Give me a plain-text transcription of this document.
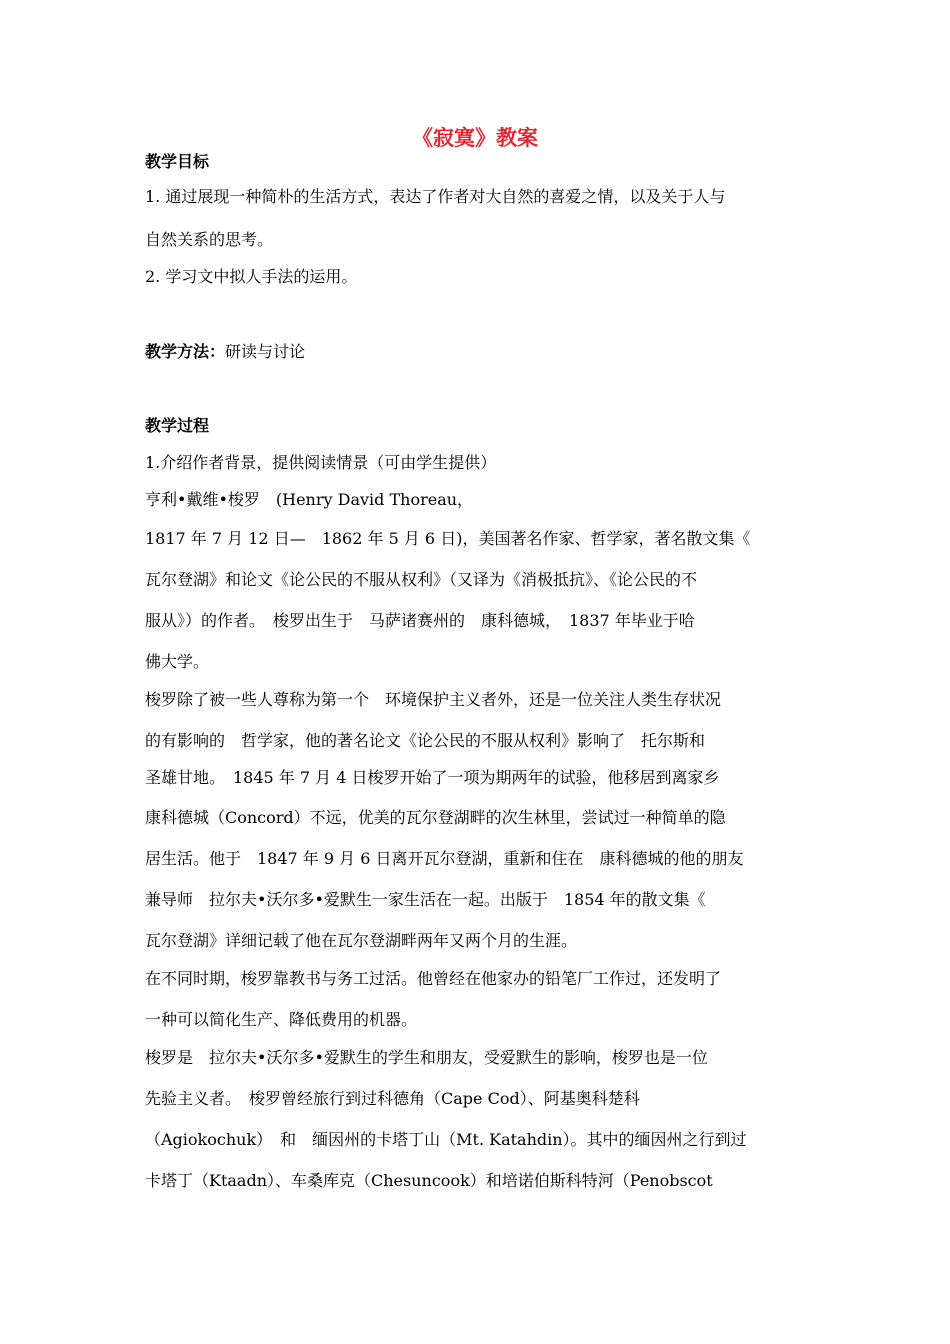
《寂寞》教案
教学目标
1. 通过展现一种简朴的生活方式，表达了作者对大自然的喜爱之情，以及关于人与
自然关系的思考。
2. 学习文中拟人手法的运用。
教学方法：研读与讨论
教学过程
1.介绍作者背景，提供阅读情景（可由学生提供）
亨利•戴维•梭罗　(Henry David Thoreau，
1817 年 7 月 12 日—　1862 年 5 月 6 日)，美国著名作家、哲学家，著名散文集《
瓦尔登湖》和论文《论公民的不服从权利》（又译为《消极抵抗》、《论公民的不
服从》）的作者。　梭罗出生于　马萨诸赛州的　康科德城，　1837 年毕业于哈
佛大学。
梭罗除了被一些人尊称为第一个　环境保护主义者外，还是一位关注人类生存状况
的有影响的　哲学家，他的著名论文《论公民的不服从权利》影响了　托尔斯和
圣雄甘地。　1845 年 7 月 4 日梭罗开始了一项为期两年的试验，他移居到离家乡
康科德城（Concord）不远，优美的瓦尔登湖畔的次生林里，尝试过一种简单的隐
居生活。他于　1847 年 9 月 6 日离开瓦尔登湖，重新和住在　康科德城的他的朋友
兼导师　拉尔夫•沃尔多•爱默生一家生活在一起。出版于　1854 年的散文集《
瓦尔登湖》详细记载了他在瓦尔登湖畔两年又两个月的生涯。
在不同时期，梭罗靠教书与务工过活。他曾经在他家办的铅笔厂工作过，还发明了
一种可以简化生产、降低费用的机器。
梭罗是　拉尔夫•沃尔多•爱默生的学生和朋友，受爱默生的影响，梭罗也是一位
先验主义者。　梭罗曾经旅行到过科德角（Cape Cod）、阿基奥科楚科
（Agiokochuk）　和　缅因州的卡塔丁山（Mt. Katahdin）。其中的缅因州之行到过
卡塔丁（Ktaadn）、车桑库克（Chesuncook）和培诺伯斯科特河（Penobscot
